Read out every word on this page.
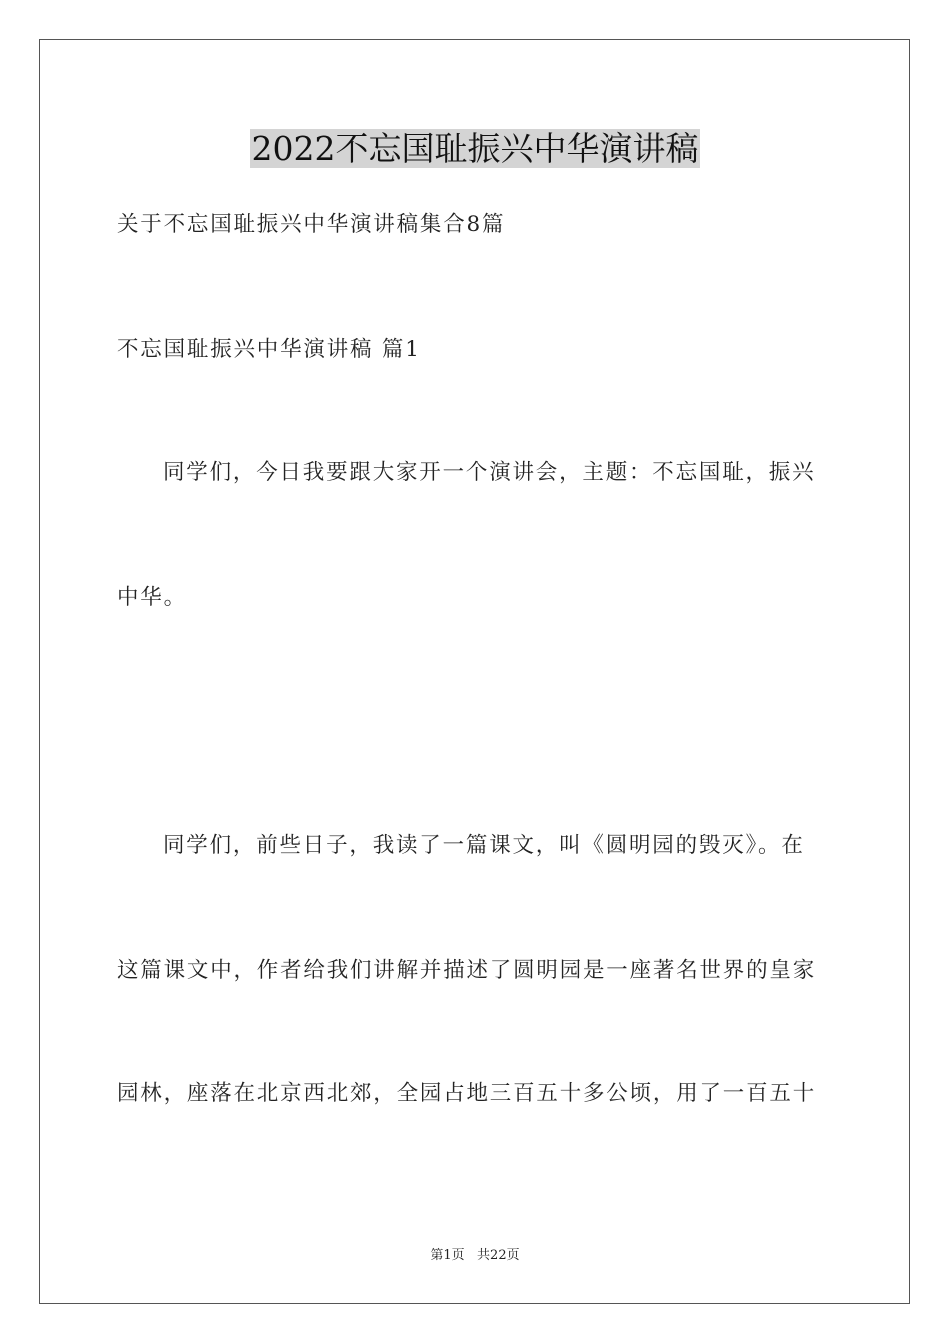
2022不忘国耻振兴中华演讲稿
关于不忘国耻振兴中华演讲稿集合8篇
不忘国耻振兴中华演讲稿 篇1
同学们，今日我要跟大家开一个演讲会，主题：不忘国耻，振兴
中华。
同学们，前些日子，我读了一篇课文，叫《圆明园的毁灭》。在
这篇课文中，作者给我们讲解并描述了圆明园是一座著名世界的皇家
园林，座落在北京西北郊，全园占地三百五十多公顷，用了一百五十
第1页   共22页
